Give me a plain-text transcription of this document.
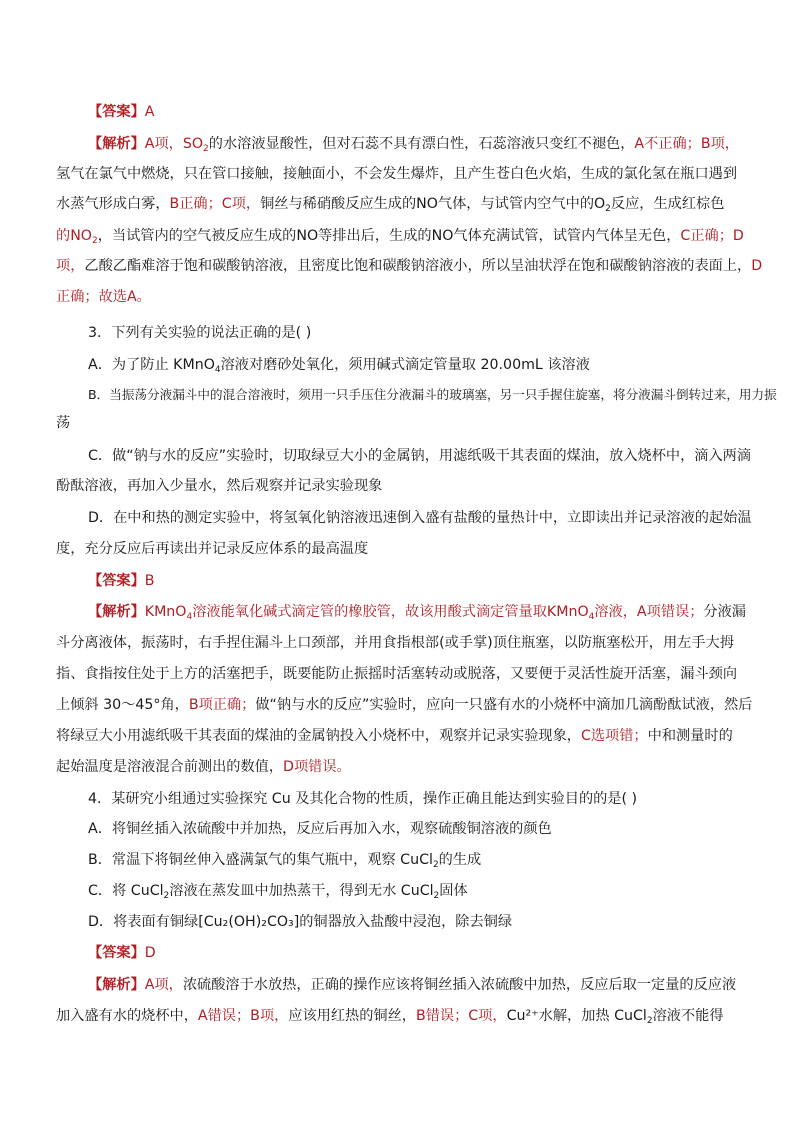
【答案】A
【解析】A项，$SO_2$的水溶液显酸性，但对石蕊不具有漂白性，石蕊溶液只变红不褪色，A不正确；B项，
氢气在氯气中燃烧，只在管口接触，接触面小，不会发生爆炸，且产生苍白色火焰，生成的氯化氢在瓶口遇到
水蒸气形成白雾，B正确；C项，铜丝与稀硝酸反应生成的NO气体，与试管内空气中的$O_2$反应，生成红棕色
的$NO_2$，当试管内的空气被反应生成的NO等排出后，生成的NO气体充满试管，试管内气体呈无色，C正确；D
项，乙酸乙酯难溶于饱和碳酸钠溶液，且密度比饱和碳酸钠溶液小，所以呈油状浮在饱和碳酸钠溶液的表面上，D
正确；故选A。
3．下列有关实验的说法正确的是( )
A．为了防止 KMnO$_4$溶液对磨砂处氧化，须用碱式滴定管量取 20.00mL 该溶液
B．当振荡分液漏斗中的混合溶液时，须用一只手压住分液漏斗的玻璃塞，另一只手握住旋塞，将分液漏斗倒转过来，用力振
荡
C．做“钠与水的反应”实验时，切取绿豆大小的金属钠，用滤纸吸干其表面的煤油，放入烧杯中，滴入两滴
酚酞溶液，再加入少量水，然后观察并记录实验现象
D．在中和热的测定实验中，将氢氧化钠溶液迅速倒入盛有盐酸的量热计中，立即读出并记录溶液的起始温
度，充分反应后再读出并记录反应体系的最高温度
【答案】B
【解析】KMnO$_4$溶液能氧化碱式滴定管的橡胶管，故该用酸式滴定管量取KMnO$_4$溶液，A项错误；分液漏
斗分离液体，振荡时，右手捏住漏斗上口颈部，并用食指根部(或手掌)顶住瓶塞，以防瓶塞松开，用左手大拇
指、食指按住处于上方的活塞把手，既要能防止振摇时活塞转动或脱落，又要便于灵活性旋开活塞，漏斗颈向
上倾斜 30～45°角，B项正确；做“钠与水的反应”实验时，应向一只盛有水的小烧杯中滴加几滴酚酞试液，然后
将绿豆大小用滤纸吸干其表面的煤油的金属钠投入小烧杯中，观察并记录实验现象，C选项错；中和测量时的
起始温度是溶液混合前测出的数值，D项错误。
4．某研究小组通过实验探究 Cu 及其化合物的性质，操作正确且能达到实验目的的是( )
A．将铜丝插入浓硫酸中并加热，反应后再加入水，观察硫酸铜溶液的颜色
B．常温下将铜丝伸入盛满氯气的集气瓶中，观察 CuCl$_2$的生成
C．将 CuCl$_2$溶液在蒸发皿中加热蒸干，得到无水 CuCl$_2$固体
D．将表面有铜绿[Cu₂(OH)₂CO₃]的铜器放入盐酸中浸泡，除去铜绿
【答案】D
【解析】A项，浓硫酸溶于水放热，正确的操作应该将铜丝插入浓硫酸中加热，反应后取一定量的反应液
加入盛有水的烧杯中，A错误；B项，应该用红热的铜丝，B错误；C项，Cu²⁺水解，加热 CuCl$_2$溶液不能得
